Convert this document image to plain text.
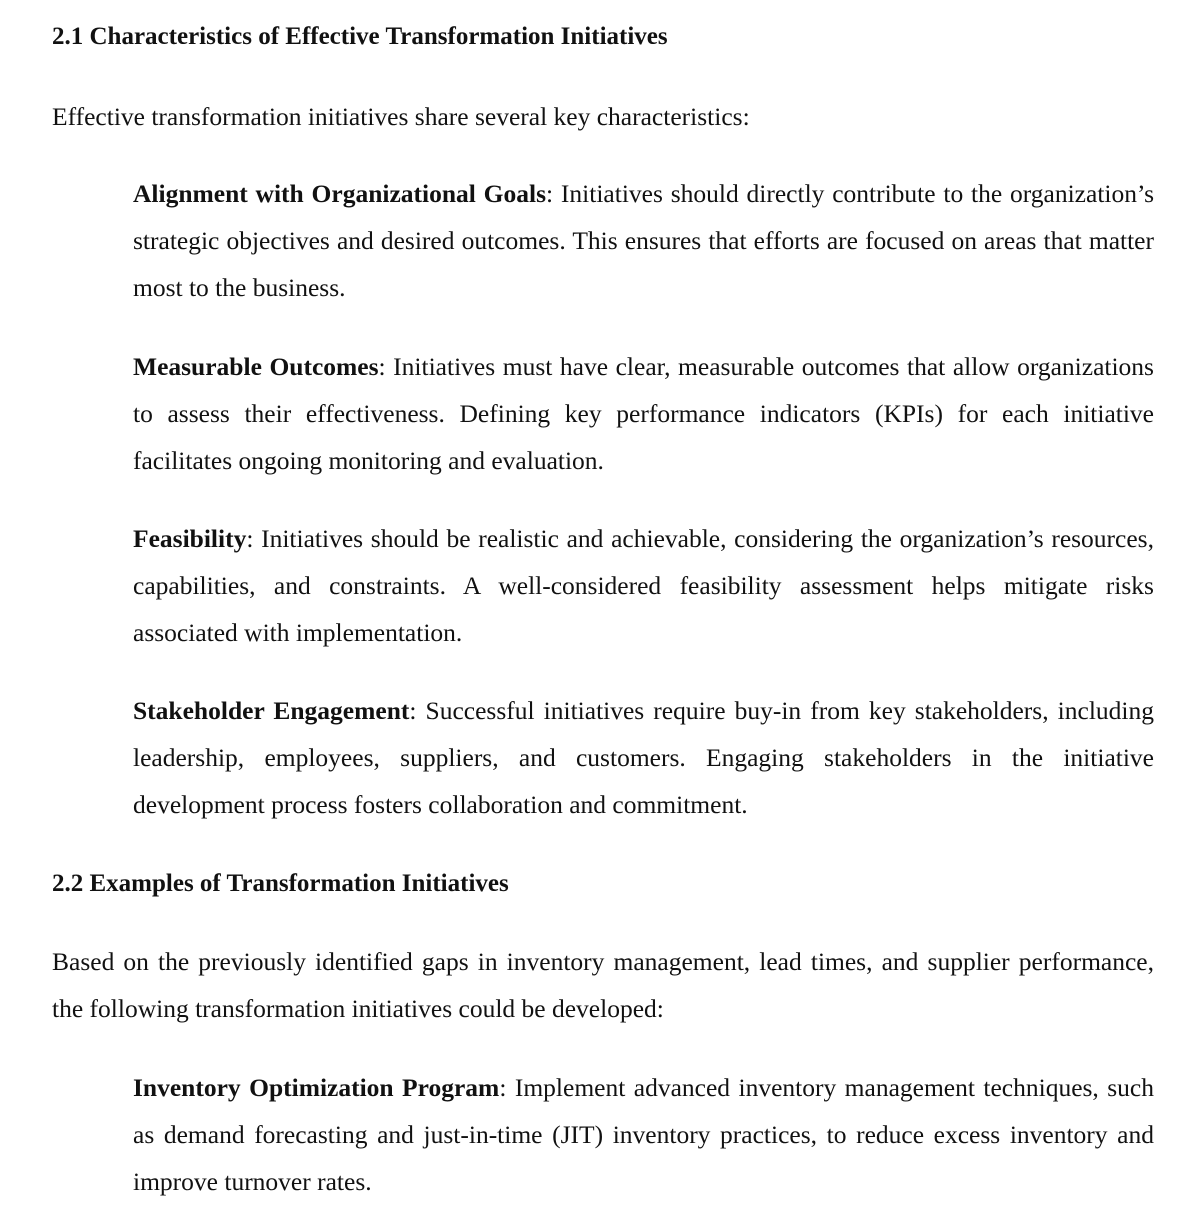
2.1 Characteristics of Effective Transformation Initiatives

Effective transformation initiatives share several key characteristics:

Alignment with Organizational Goals: Initiatives should directly contribute to the organization’s strategic objectives and desired outcomes. This ensures that efforts are focused on areas that matter most to the business.

Measurable Outcomes: Initiatives must have clear, measurable outcomes that allow organizations to assess their effectiveness. Defining key performance indicators (KPIs) for each initiative facilitates ongoing monitoring and evaluation.

Feasibility: Initiatives should be realistic and achievable, considering the organization’s resources, capabilities, and constraints. A well-considered feasibility assessment helps mitigate risks associated with implementation.

Stakeholder Engagement: Successful initiatives require buy-in from key stakeholders, including leadership, employees, suppliers, and customers. Engaging stakeholders in the initiative development process fosters collaboration and commitment.

2.2 Examples of Transformation Initiatives

Based on the previously identified gaps in inventory management, lead times, and supplier performance, the following transformation initiatives could be developed:

Inventory Optimization Program: Implement advanced inventory management techniques, such as demand forecasting and just-in-time (JIT) inventory practices, to reduce excess inventory and improve turnover rates.
